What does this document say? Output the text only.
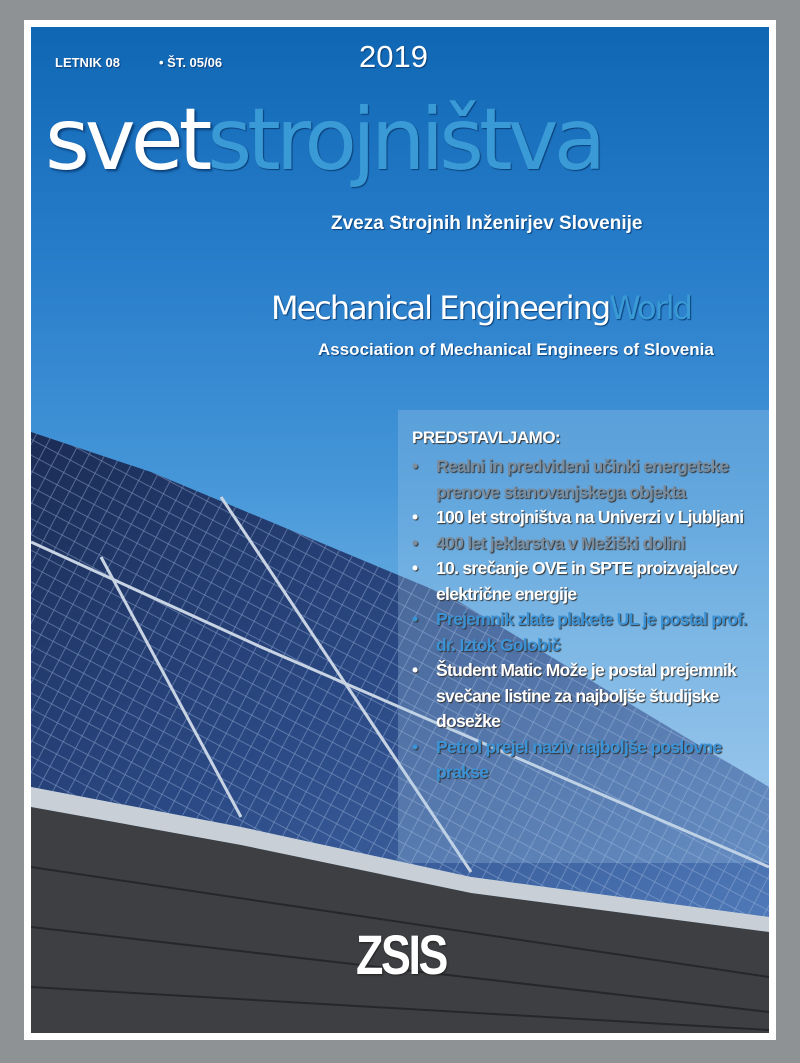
LETNIK 08	• ŠT. 05/06	2019
svetstrojništva
Zveza Strojnih Inženirjev Slovenije
Mechanical EngineeringWorld
Association of Mechanical Engineers of Slovenia
PREDSTAVLJAMO:
• Realni in predvideni učinki energetske prenove stanovanjskega objekta
• 100 let strojništva na Univerzi v Ljubljani
• 400 let jeklarstva v Mežiški dolini
• 10. srečanje OVE in SPTE proizvajalcev električne energije
• Prejemnik zlate plakete UL je postal prof. dr. Iztok Golobič
• Študent Matic Može je postal prejemnik svečane listine za najboljše študijske dosežke
• Petrol prejel naziv najboljše poslovne prakse
ZSIS
